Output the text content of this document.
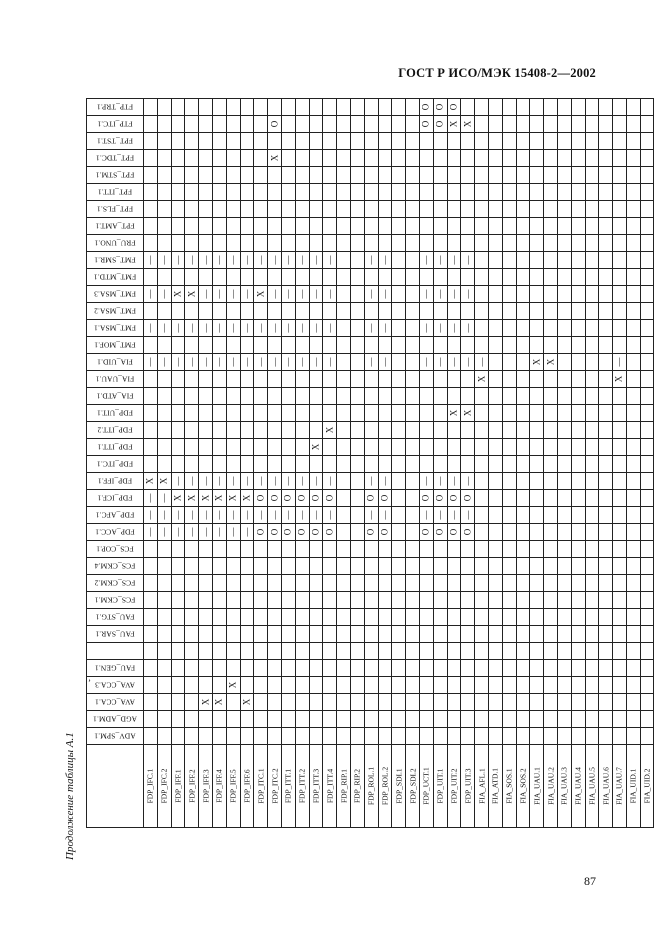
ГОСТ Р ИСО/МЭК 15408-2—2002
Продолжение таблицы А.1
’
FTP_TRP.1																					O	O	O														

FTP_ITC.1										O											O	O	X	X													

FPT_TST.1																																					

FPT_TDC.1										X																											

FPT_STM.1																																					

FPT_ITT.1																																					

FPT_FLS.1																																					

FPT_AMT.1																																					

FRU_UNO.1																																					

FMT_SMR.1	—	—	—	—	—	—	—	—	—	—	—	—	—	—			—	—			—	—	—	—													

FMT_MTD.1																																					

FMT_MSA.3	—	—	X	X	—	—	—	—	X	—	—	—	—	—			—	—			—	—	—	—													

FMT_MSA.2																																					

FMT_MSA.1	—	—	—	—	—	—	—	—	—	—	—	—	—	—			—	—			—	—	—	—													

FMT_MOF.1																																					

FIA_UID.1	—	—	—	—	—	—	—	—	—	—	—	—	—	—			—	—			—	—	—	—	—				X	X					—		

FIA_UAU.1																									X										X		

FIA_ATD.1																																					

FDP_UIT.1																							X	X													

FDP_ITT.2														X																							

FDP_ITT.1													X																								

FDP_ITC.1																																					

FDP_IFF.1	X	X	—	—	—	—	—	—	—	—	—	—	—	—			—	—			—	—	—	—													

FDP_ICF.1	—	—	X	X	X	X	X	X	O	O	O	O	O	O			O	O			O	O	O	O													

FDP_AFC.1	—	—	—	—	—	—	—	—	—	—	—	—	—	—			—	—			—	—	—	—													

FDP_ACC.1	—	—	—	—	—	—	—	—	O	O	O	O	O	O			O	O			O	O	O	O													

FCS_COP.1																																					

FCS_CKM.4																																					

FCS_CKM.2																																					

FCS_CKM.1																																					

FAU_STG.1																																					

FAU_SAR.1																																					

FAU_GEN.1																																					

AVA_CCA.3							X																														

AVA_CCA.1					X	X		X																													

AGD_ADM.1																																					

ADV_SPM.1																																					

	FDP_IFC.1	FDP_IFC.2	FDP_IFF.1	FDP_IFF.2	FDP_IFF.3	FDP_IFF.4	FDP_IFF.5	FDP_IFF.6	FDP_ITC.1	FDP_ITC.2	FDP_ITT.1	FDP_ITT.2	FDP_ITT.3	FDP_ITT.4	FDP_RIP.1	FDP_RIP.2	FDP_ROL.1	FDP_ROL.2	FDP_SDI.1	FDP_SDI.2	FDP_UCT.1	FDP_UIT.1	FDP_UIT.2	FDP_UIT.3	FIA_AFL.1	FIA_ATD.1	FIA_SOS.1	FIA_SOS.2	FIA_UAU.1	FIA_UAU.2	FIA_UAU.3	FIA_UAU.4	FIA_UAU.5	FIA_UAU.6	FIA_UAU.7	FIA_UID.1	FIA_UID.2
87
